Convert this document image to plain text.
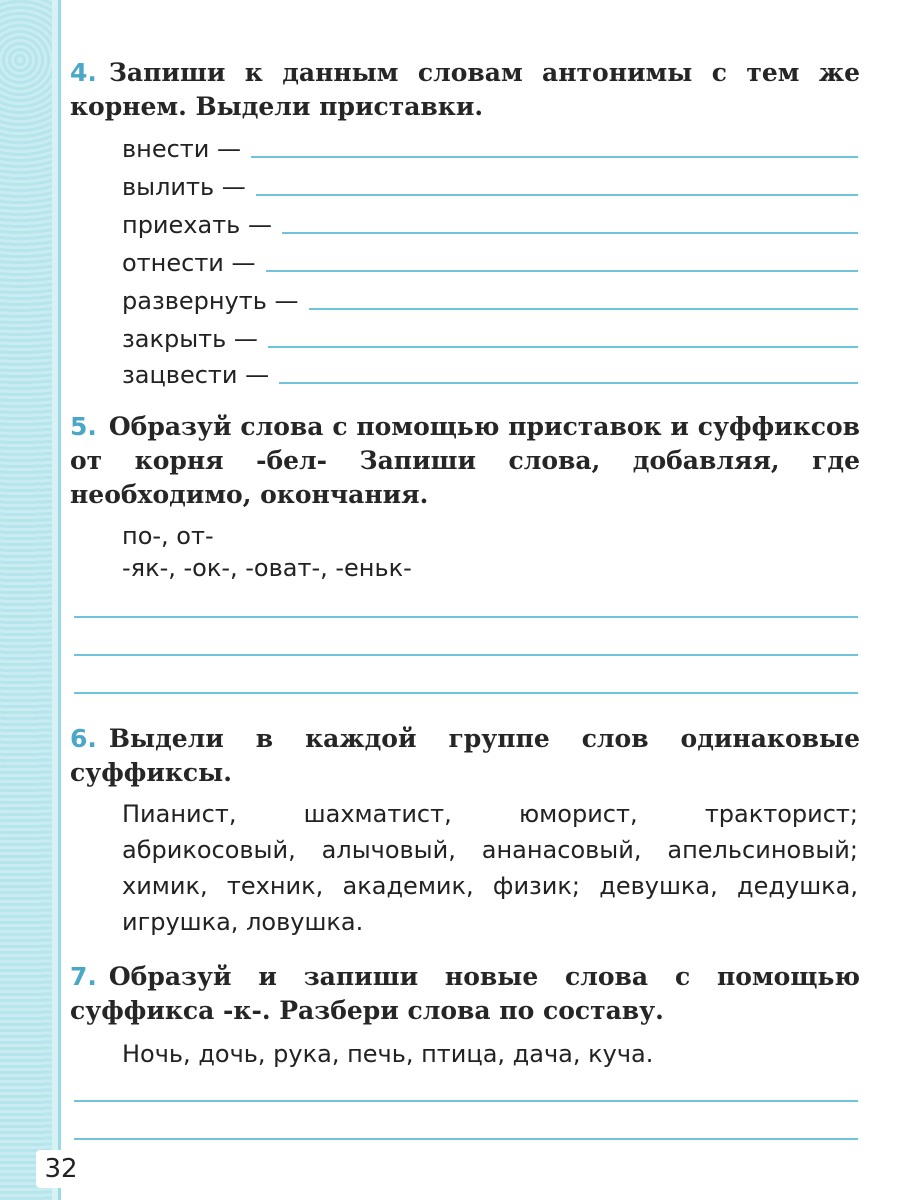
4. Запиши к данным словам антонимы с тем же корнем. Выдели приставки.
внести —
вылить —
приехать —
отнести —
развернуть —
закрыть —
зацвести —
5. Образуй слова с помощью приставок и суффиксов от корня -бел- Запиши слова, добавляя, где необходимо, окончания.
по-, от-
-як-, -ок-, -оват-, -еньк-
6. Выдели в каждой группе слов одинаковые суффиксы.
Пианист, шахматист, юморист, тракторист; абрикосовый, алычовый, ананасовый, апельсиновый; химик, техник, академик, физик; девушка, дедушка, игрушка, ловушка.
7. Образуй и запиши новые слова с помощью суффикса -к-. Разбери слова по составу.
Ночь, дочь, рука, печь, птица, дача, куча.
32
